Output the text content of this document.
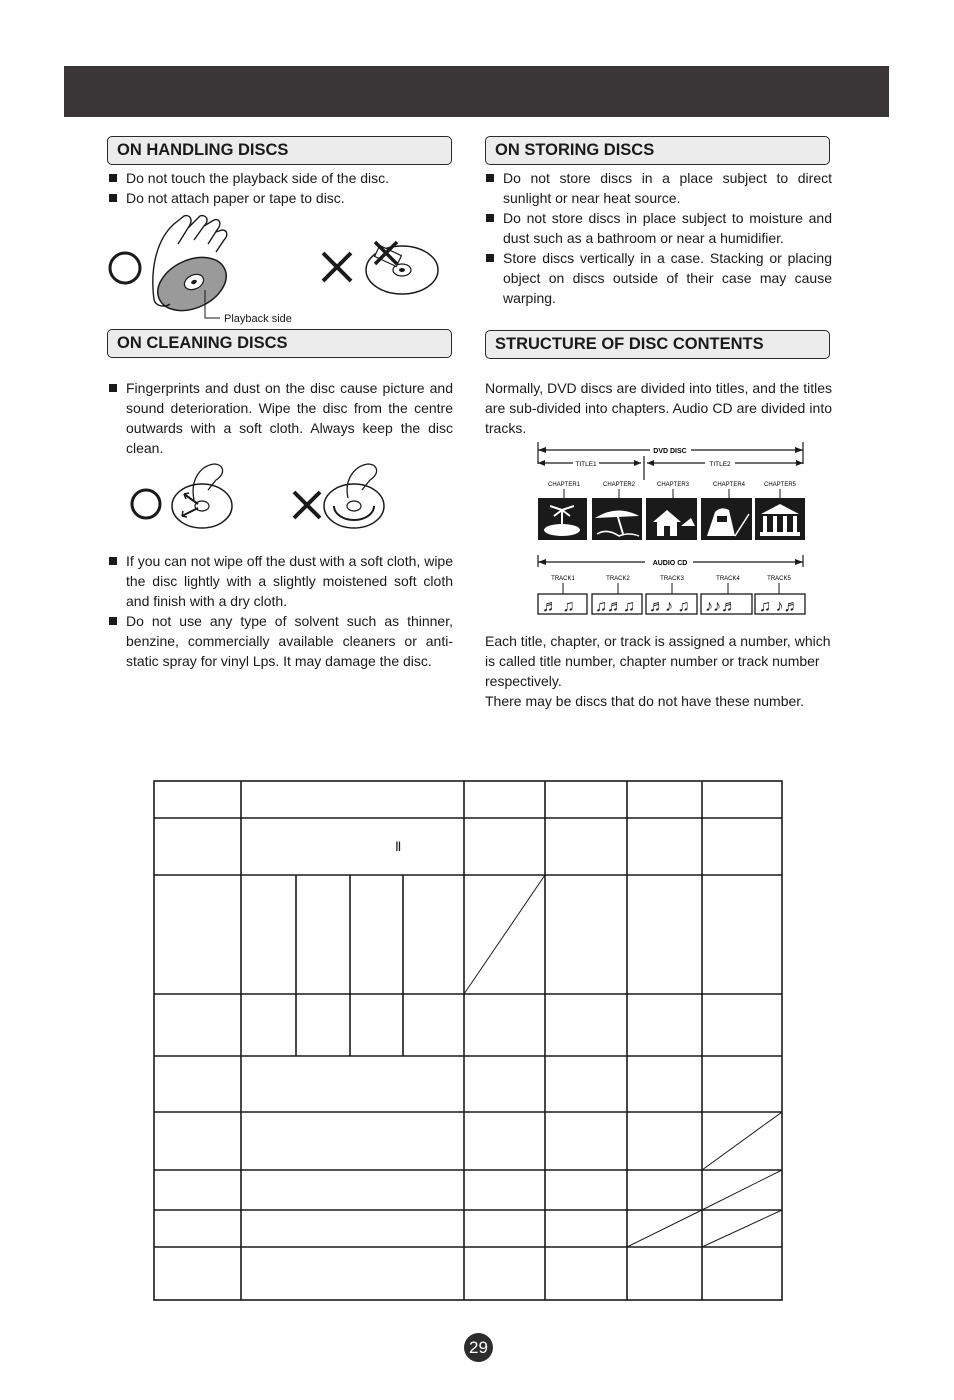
ON HANDLING DISCS
Do not touch the playback side of the disc.
Do not attach paper or tape to disc.
Playback side
ON CLEANING DISCS
Fingerprints and dust on the disc cause picture and sound deterioration. Wipe the disc from the centre outwards with a soft cloth. Always keep the disc clean.
If you can not wipe off the dust with a soft cloth, wipe the disc lightly with a slightly moistened soft cloth and finish with a dry cloth.
Do not use any type of solvent such as thinner, benzine, commercially available cleaners or anti-static spray for vinyl Lps. It may damage the disc.
ON STORING DISCS
Do not store discs in a place subject to direct sunlight or near heat source.
Do not store discs in place subject to moisture and dust such as a bathroom or near a humidifier.
Store discs vertically in a case. Stacking or placing object on discs outside of their case may cause warping.
STRUCTURE OF DISC CONTENTS

Normally, DVD discs are divided into titles, and the titles are sub-divided into chapters. Audio CD are divided into tracks.

DVD DISC
TITLE1	TITLE2
CHAPTER1	CHAPTER2	CHAPTER3	CHAPTER4	CHAPTER5
AUDIO CD
TRACK1	TRACK2	TRACK3	TRACK4	TRACK5
♬ ♫ ♫♬♫ ♬♪ ♫ ♪♪♬ ♫ ♪♬

Each title, chapter, or track is assigned a number, which is called title number, chapter number or track number respectively.

There may be discs that do not have these number.

Ⅱ
29
